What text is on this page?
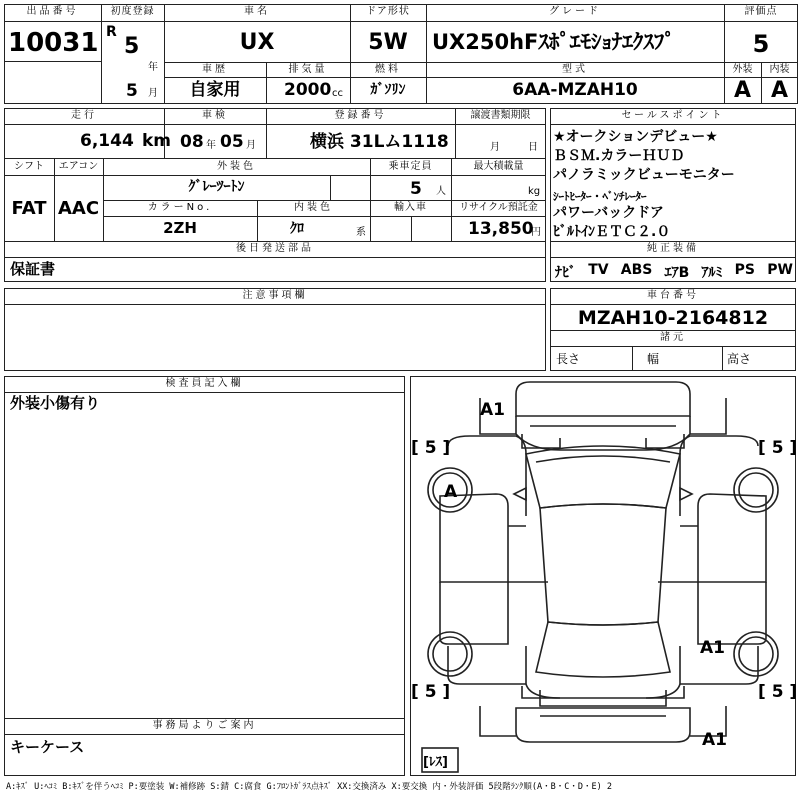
出品番号
10031
初度登録
R
5
年
5 月
車名
UX
ドア形状
5W
グレード
UX250hFｽﾎﾟｴﾓｼｮﾅｴｸｽﾌﾟ
評価点
5
車歴
自家用
排気量
2000 cc
燃料
ｶﾞｿﾘﾝ
型式
6AA-MZAH10
外装	内装
A A
走行
6,144 km
車検
08 年 05 月
登録番号
横浜 31Lム1118
譲渡書類期限
月	日
シフト
FAT
エアコン
AAC
外装色
ｸﾞﾚｰﾂｰﾄﾝ
乗車定員
5 人
最大積載量
kg
カラーNo.
2ZH
内装色
ｸﾛ	系
輸入車	リサイクル預託金
13,850
円
後日発送部品
保証書
セールスポイント
★オークションデビュー★
ＢＳＭ.カラーＨＵＤ
パノラミックビューモニター
ｼｰﾄﾋｰﾀｰ・ﾍﾞﾝﾁﾚｰﾀｰ
パワーバックドア
ﾋﾞﾙﾄｲﾝＥＴＣ２.０
純正装備
ﾅﾋﾞ TV ABS ｴｱB ｱﾙﾐ PS PW
注意事項欄	車台番号
MZAH10-2164812
諸元
長さ	幅	高さ
検査員記入欄
外装小傷有り
事務局よりご案内
キーケース
A1
A
A1
A1
[ 5 ]	[ 5 ]
[ 5 ]	[ 5 ]
[ﾚｽ]
A:ｷｽﾞ U:ﾍｺﾐ B:ｷｽﾞを伴うﾍｺﾐ P:要塗装 W:補修跡 S:錆 C:腐食 G:ﾌﾛﾝﾄｶﾞﾗｽ点ｷｽﾞ XX:交換済み X:要交換 内・外装評価 5段階ﾗﾝｸ順(A・B・C・D・E) 2
